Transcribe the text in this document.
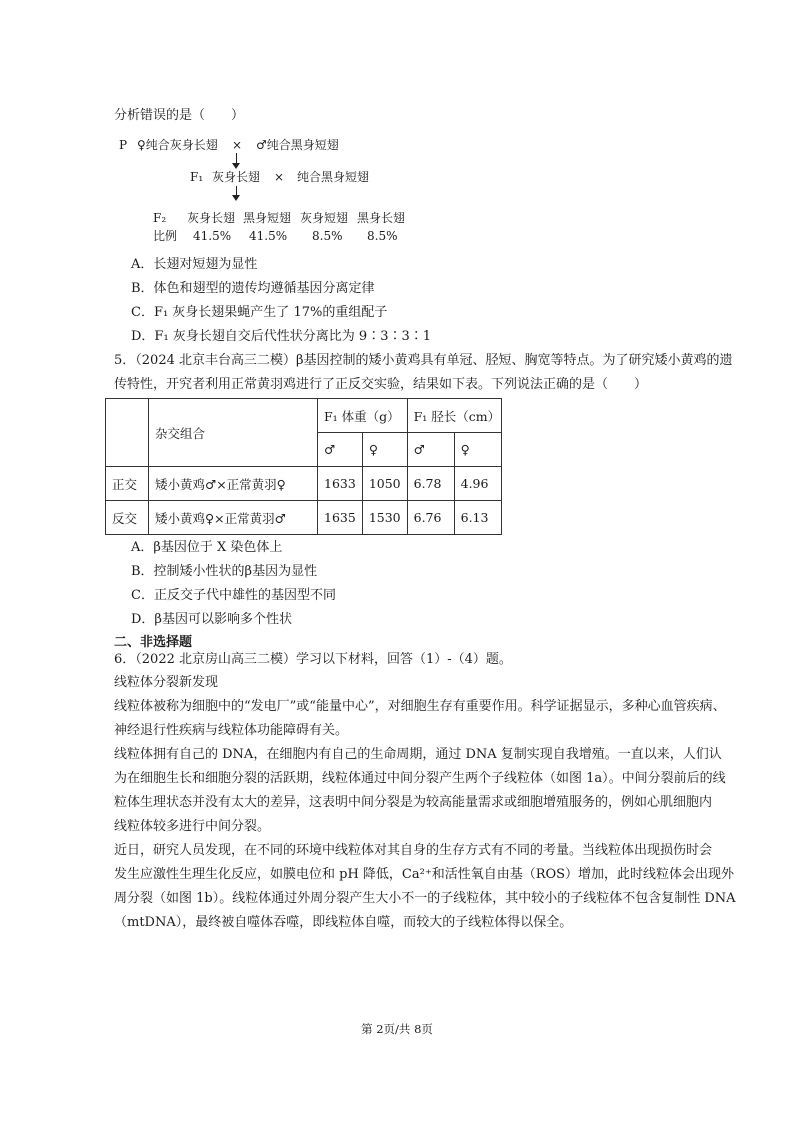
分析错误的是（　　）
P ♀纯合灰身长翅 × ♂纯合黑身短翅
F₁ 灰身长翅 × 纯合黑身短翅
F₂ 灰身长翅 黑身短翅 灰身短翅 黑身长翅
比例 41.5% 41.5% 8.5% 8.5%
A．长翅对短翅为显性
B．体色和翅型的遗传均遵循基因分离定律
C．F₁ 灰身长翅果蝇产生了 17%的重组配子
D．F₁ 灰身长翅自交后代性状分离比为 9∶3∶3∶1
5．（2024 北京丰台高三二模）β基因控制的矮小黄鸡具有单冠、胫短、胸宽等特点。为了研究矮小黄鸡的遗
传特性，开究者利用正常黄羽鸡进行了正反交实验，结果如下表。下列说法正确的是（　　）
	杂交组合	F₁ 体重（g）		F₁ 胫长（cm）	
		♂	♀	♂	♀
正交	矮小黄鸡♂×正常黄羽♀	1633	1050	6.78	4.96
反交	矮小黄鸡♀×正常黄羽♂	1635	1530	6.76	6.13
A．β基因位于 X 染色体上
B．控制矮小性状的β基因为显性
C．正反交子代中雄性的基因型不同
D．β基因可以影响多个性状
二、非选择题
6．（2022 北京房山高三二模）学习以下材料，回答（1）-（4）题。
线粒体分裂新发现
线粒体被称为细胞中的“发电厂”或“能量中心”，对细胞生存有重要作用。科学证据显示，多种心血管疾病、
神经退行性疾病与线粒体功能障碍有关。
线粒体拥有自己的 DNA，在细胞内有自己的生命周期，通过 DNA 复制实现自我增殖。一直以来，人们认
为在细胞生长和细胞分裂的活跃期，线粒体通过中间分裂产生两个子线粒体（如图 1a）。中间分裂前后的线
粒体生理状态并没有太大的差异，这表明中间分裂是为较高能量需求或细胞增殖服务的，例如心肌细胞内
线粒体较多进行中间分裂。
近日，研究人员发现，在不同的环境中线粒体对其自身的生存方式有不同的考量。当线粒体出现损伤时会
发生应激性生理生化反应，如膜电位和 pH 降低，Ca²⁺和活性氧自由基（ROS）增加，此时线粒体会出现外
周分裂（如图 1b）。线粒体通过外周分裂产生大小不一的子线粒体，其中较小的子线粒体不包含复制性 DNA
（mtDNA），最终被自噬体吞噬，即线粒体自噬，而较大的子线粒体得以保全。
第 2页/共 8页
